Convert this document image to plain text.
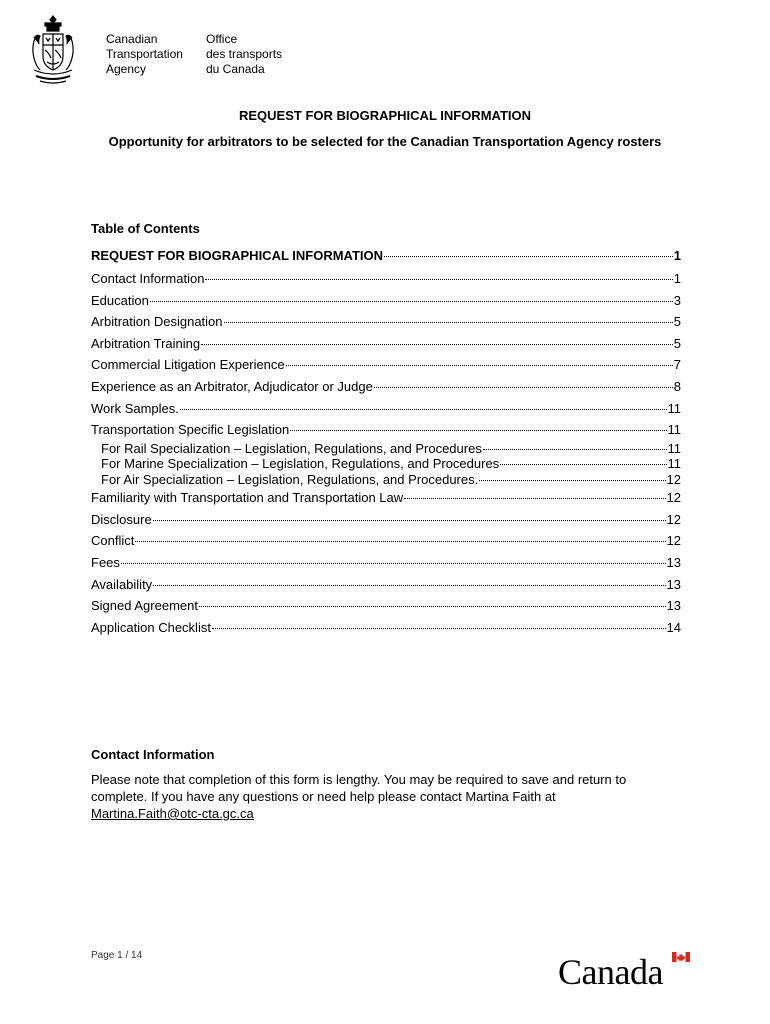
Canadian
Transportation
Agency
Office
des transports
du Canada
REQUEST FOR BIOGRAPHICAL INFORMATION
Opportunity for arbitrators to be selected for the Canadian Transportation Agency rosters
Table of Contents
REQUEST FOR BIOGRAPHICAL INFORMATION	1
Contact Information	1
Education	3
Arbitration Designation	5
Arbitration Training	5
Commercial Litigation Experience	7
Experience as an Arbitrator, Adjudicator or Judge	8
Work Samples.	11
Transportation Specific Legislation	11
For Rail Specialization – Legislation, Regulations, and Procedures	11
For Marine Specialization – Legislation, Regulations, and Procedures	11
For Air Specialization – Legislation, Regulations, and Procedures.	12
Familiarity with Transportation and Transportation Law	12
Disclosure	12
Conflict	12
Fees	13
Availability	13
Signed Agreement	13
Application Checklist	14
Contact Information
Please note that completion of this form is lengthy. You may be required to save and return to complete. If you have any questions or need help please contact Martina Faith at
Martina.Faith@otc-cta.gc.ca
Page 1 / 14	Canada
